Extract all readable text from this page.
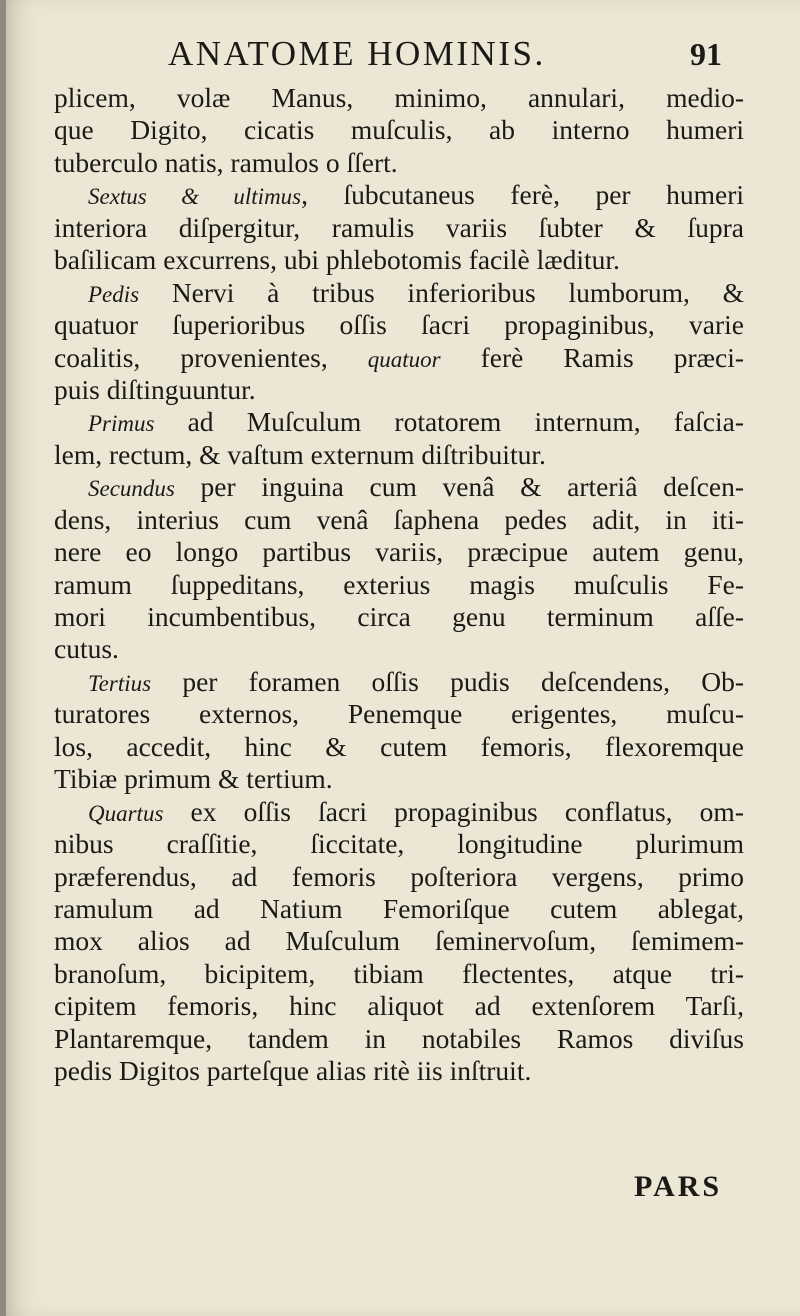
ANATOME HOMINIS.	91
plicem, volæ Manus, minimo, annulari, medio-
que Digito, cicatis muſculis, ab interno humeri
tuberculo natis, ramulos o ſſert.
Sextus & ultimus, ſubcutaneus ferè, per humeri
interiora diſpergitur, ramulis variis ſubter & ſupra
baſilicam excurrens, ubi phlebotomis facilè læditur.
Pedis Nervi à tribus inferioribus lumborum, &
quatuor ſuperioribus oſſis ſacri propaginibus, varie
coalitis, provenientes, quatuor ferè Ramis præci-
puis diſtinguuntur.
Primus ad Muſculum rotatorem internum, faſcia-
lem, rectum, & vaſtum externum diſtribuitur.
Secundus per inguina cum venâ & arteriâ deſcen-
dens, interius cum venâ ſaphena pedes adit, in iti-
nere eo longo partibus variis, præcipue autem genu,
ramum ſuppeditans, exterius magis muſculis Fe-
mori incumbentibus, circa genu terminum aſſe-
cutus.
Tertius per foramen oſſis pudis deſcendens, Ob-
turatores externos, Penemque erigentes, muſcu-
los, accedit, hinc & cutem femoris, flexoremque
Tibiæ primum & tertium.
Quartus ex oſſis ſacri propaginibus conflatus, om-
nibus craſſitie, ſiccitate, longitudine plurimum
præferendus, ad femoris poſteriora vergens, primo
ramulum ad Natium Femoriſque cutem ablegat,
mox alios ad Muſculum ſeminervoſum, ſemimem-
branoſum, bicipitem, tibiam flectentes, atque tri-
cipitem femoris, hinc aliquot ad extenſorem Tarſi,
Plantaremque, tandem in notabiles Ramos diviſus
pedis Digitos parteſque alias ritè iis inſtruit.
PARS
